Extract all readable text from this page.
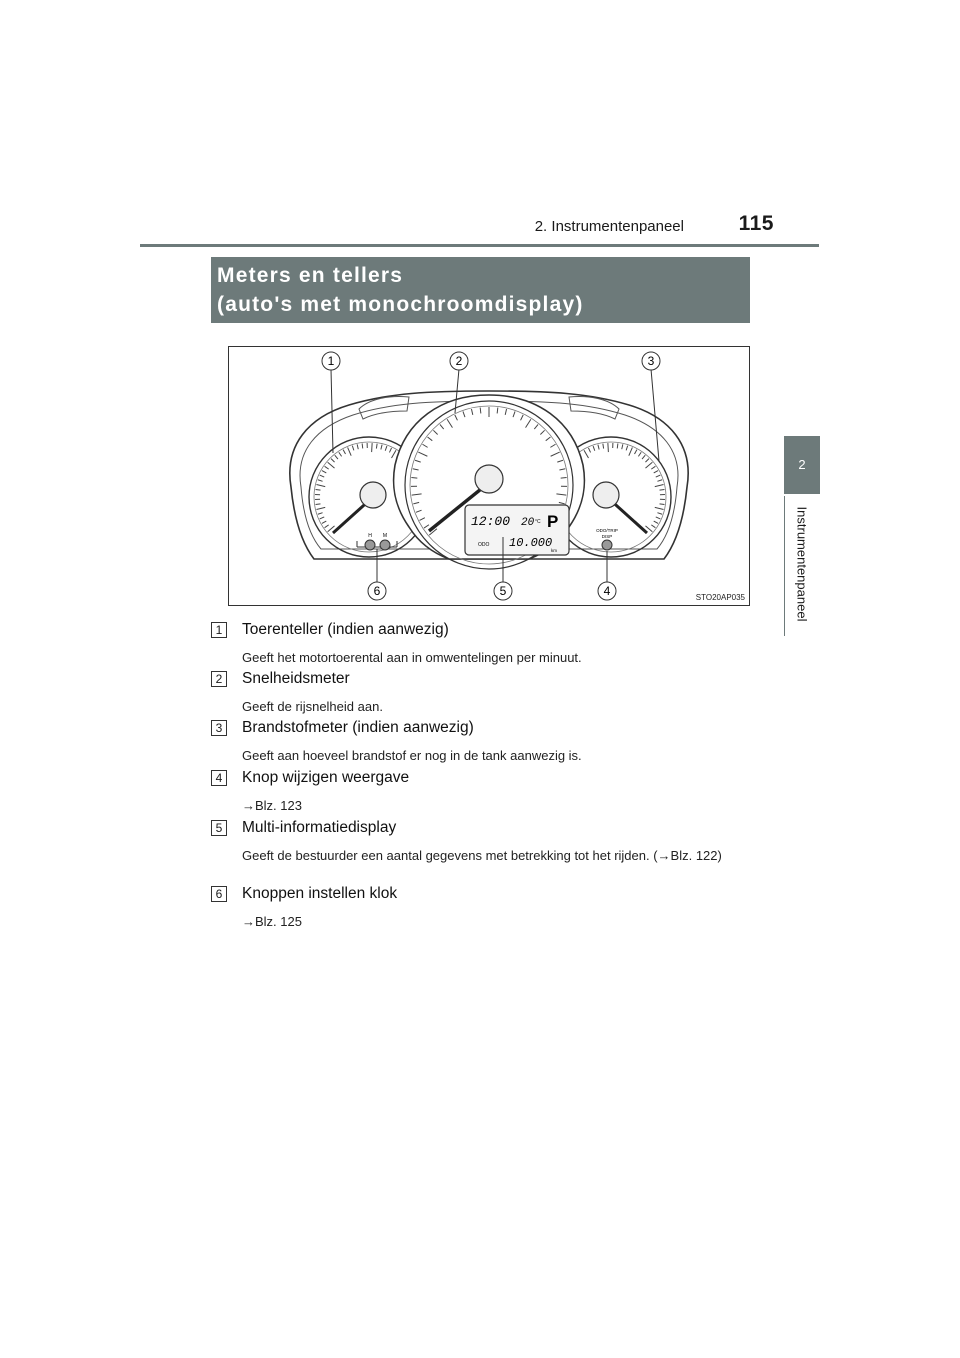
2. Instrumentenpaneel	115
2
Instrumentenpaneel
Meters en tellers
(auto's met monochroomdisplay)
H M
ODO/TRIP
DISP
12:00 20 °C P
ODO 10.000
km
1	2	3
4
5
6	STO20AP035
1	Toerenteller (indien aanwezig)
Geeft het motortoerental aan in omwentelingen per minuut.
2	Snelheidsmeter
Geeft de rijsnelheid aan.
3	Brandstofmeter (indien aanwezig)
Geeft aan hoeveel brandstof er nog in de tank aanwezig is.
4	Knop wijzigen weergave
→Blz. 123
5	Multi-informatiedisplay
Geeft de bestuurder een aantal gegevens met betrekking tot het rijden. (→Blz. 122)
6	Knoppen instellen klok
→Blz. 125
